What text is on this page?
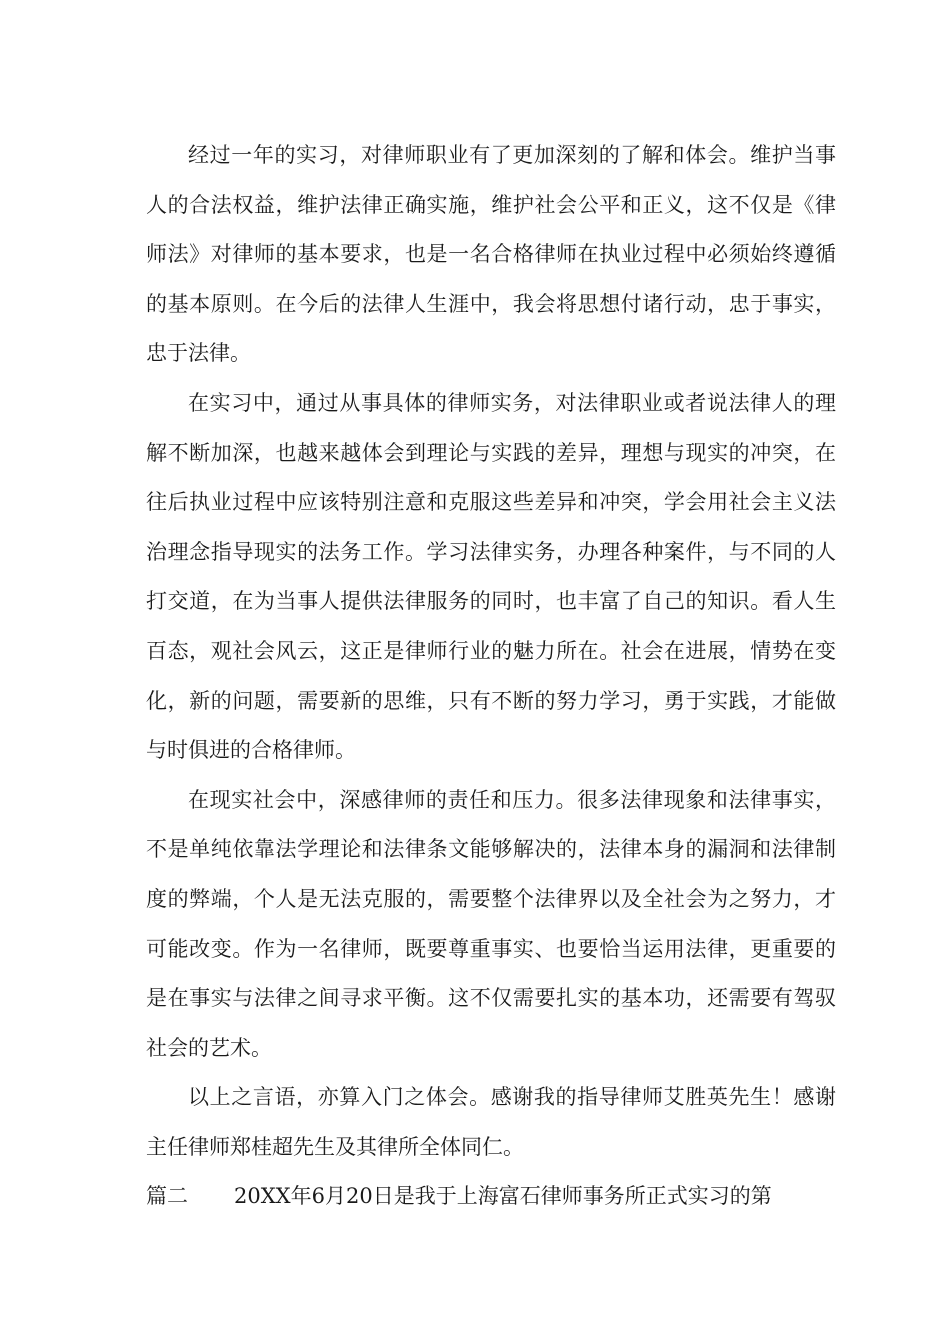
经过一年的实习，对律师职业有了更加深刻的了解和体会。维护当事人的合法权益，维护法律正确实施，维护社会公平和正义，这不仅是《律师法》对律师的基本要求，也是一名合格律师在执业过程中必须始终遵循的基本原则。在今后的法律人生涯中，我会将思想付诸行动，忠于事实，忠于法律。

在实习中，通过从事具体的律师实务，对法律职业或者说法律人的理解不断加深，也越来越体会到理论与实践的差异，理想与现实的冲突，在往后执业过程中应该特别注意和克服这些差异和冲突，学会用社会主义法治理念指导现实的法务工作。学习法律实务，办理各种案件，与不同的人打交道，在为当事人提供法律服务的同时，也丰富了自己的知识。看人生百态，观社会风云，这正是律师行业的魅力所在。社会在进展，情势在变化，新的问题，需要新的思维，只有不断的努力学习，勇于实践，才能做与时俱进的合格律师。

在现实社会中，深感律师的责任和压力。很多法律现象和法律事实，不是单纯依靠法学理论和法律条文能够解决的，法律本身的漏洞和法律制度的弊端，个人是无法克服的，需要整个法律界以及全社会为之努力，才可能改变。作为一名律师，既要尊重事实、也要恰当运用法律，更重要的是在事实与法律之间寻求平衡。这不仅需要扎实的基本功，还需要有驾驭社会的艺术。

以上之言语，亦算入门之体会。感谢我的指导律师艾胜英先生！感谢主任律师郑桂超先生及其律所全体同仁。

篇二 20XX年6月20日是我于上海富石律师事务所正式实习的第
